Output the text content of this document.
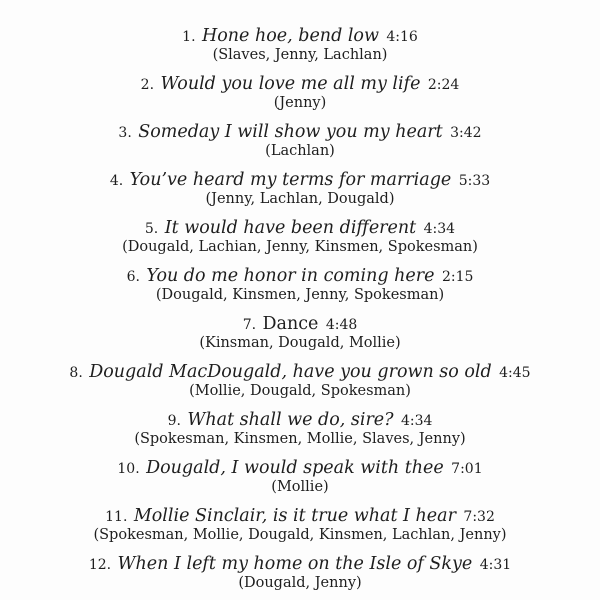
1. Hone hoe, bend low 4:16
(Slaves, Jenny, Lachlan)
2. Would you love me all my life 2:24
(Jenny)
3. Someday I will show you my heart 3:42
(Lachlan)
4. You’ve heard my terms for marriage 5:33
(Jenny, Lachlan, Dougald)
5. It would have been different 4:34
(Dougald, Lachian, Jenny, Kinsmen, Spokesman)
6. You do me honor in coming here 2:15
(Dougald, Kinsmen, Jenny, Spokesman)
7. Dance 4:48
(Kinsman, Dougald, Mollie)
8. Dougald MacDougald, have you grown so old 4:45
(Mollie, Dougald, Spokesman)
9. What shall we do, sire? 4:34
(Spokesman, Kinsmen, Mollie, Slaves, Jenny)
10. Dougald, I would speak with thee 7:01
(Mollie)
11. Mollie Sinclair, is it true what I hear 7:32
(Spokesman, Mollie, Dougald, Kinsmen, Lachlan, Jenny)
12. When I left my home on the Isle of Skye 4:31
(Dougald, Jenny)
